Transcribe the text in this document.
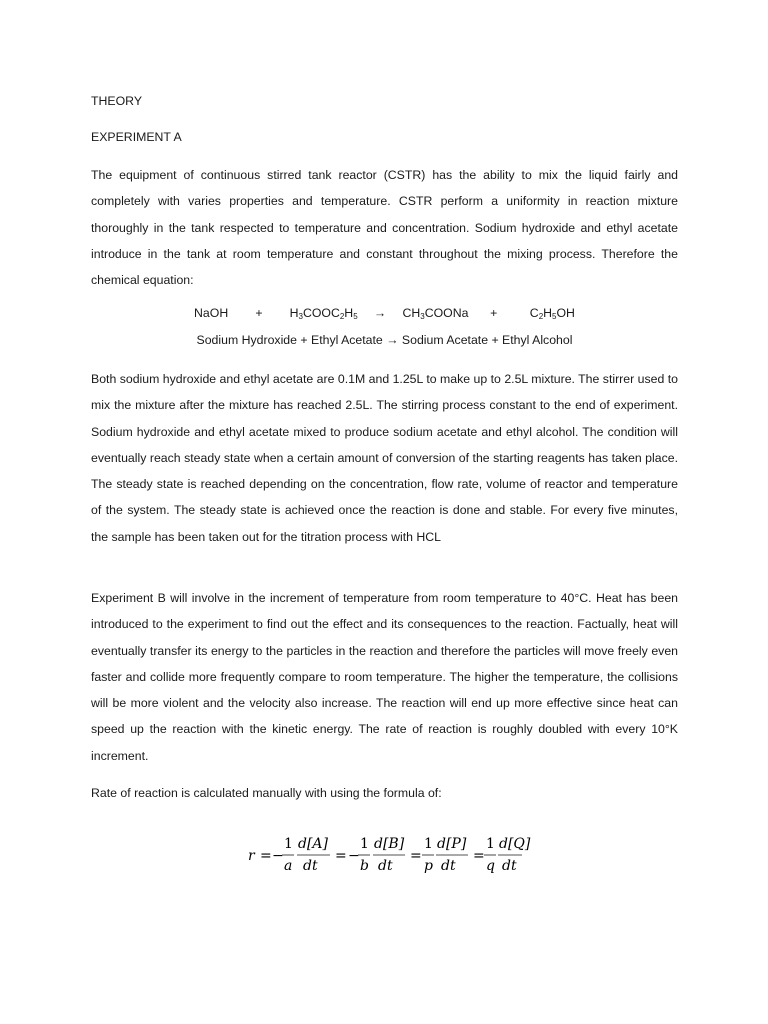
THEORY
EXPERIMENT A

The equipment of continuous stirred tank reactor (CSTR) has the ability to mix the liquid fairly and completely with varies properties and temperature. CSTR perform a uniformity in reaction mixture thoroughly in the tank respected to temperature and concentration. Sodium hydroxide and ethyl acetate introduce in the tank at room temperature and constant throughout the mixing process. Therefore the chemical equation:

NaOH + $H_3COOC_2H_5$ → $CH_3COONa$ +	$C_2H_5OH$
Sodium Hydroxide + Ethyl Acetate → Sodium Acetate + Ethyl Alcohol

Both sodium hydroxide and ethyl acetate are 0.1M and 1.25L to make up to 2.5L mixture. The stirrer used to mix the mixture after the mixture has reached 2.5L. The stirring process constant to the end of experiment. Sodium hydroxide and ethyl acetate mixed to produce sodium acetate and ethyl alcohol. The condition will eventually reach steady state when a certain amount of conversion of the starting reagents has taken place. The steady state is reached depending on the concentration, flow rate, volume of reactor and temperature of the system. The steady state is achieved once the reaction is done and stable. For every five minutes, the sample has been taken out for the titration process with HCL

Experiment B will involve in the increment of temperature from room temperature to 40°C. Heat has been introduced to the experiment to find out the effect and its consequences to the reaction. Factually, heat will eventually transfer its energy to the particles in the reaction and therefore the particles will move freely even faster and collide more frequently compare to room temperature. The higher the temperature, the collisions will be more violent and the velocity also increase. The reaction will end up more effective since heat can speed up the reaction with the kinetic energy. The rate of reaction is roughly doubled with every 10°K increment.

Rate of reaction is calculated manually with using the formula of:

r = −
1
a
d[A]
dt
= −
1
b
d[B]
dt
=
1
p
d[P]
dt
=
1
q
d[Q]
dt
